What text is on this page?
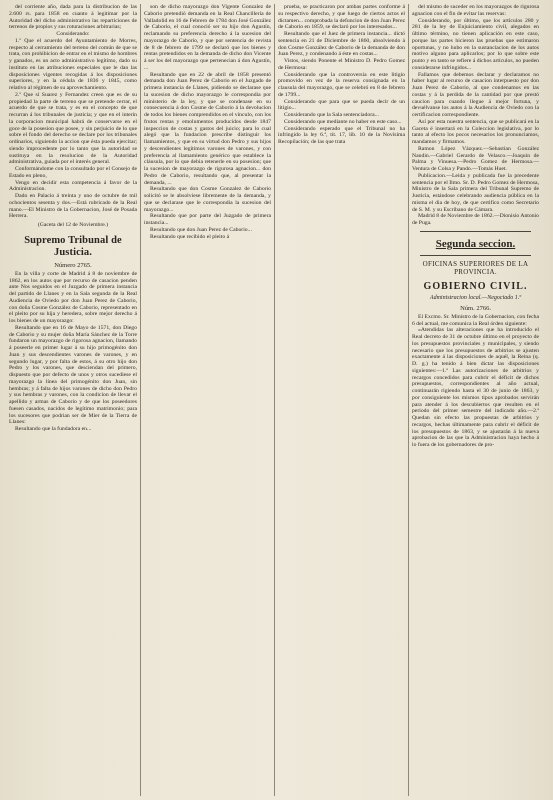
del corriente año, dada para la distribucion de las 2.600 rs. para 1858 en cuanto á legitimar por la Autoridad del dicho administrativo las reparticiones de terrenos de propios y sus roturaciones arbitrarias;

Considerando:

1.º Que el acuerdo del Ayuntamiento de Morres, respecto al cerramiento del terreno del común de que se trata, con prohibicion de entrar en el mismo de hombres y ganados, es un acto administrativo legítimo, dado su instituto en las atribuciones especiales que le dan las disposiciones vigentes recogidas á los disposiciones superiores, y en la cédula de 1836 y 1845, como relativo al régimen de su aprovechamiento.

2.º Que sí Suarez y Fernandez creen que es de su propiedad la parte de terreno que se pretende cerrar, el acuerdo de que se trata, y es en el concepto de que recurran á los tribunales de justicia; y que en el interin la corporacion municipal habrá de conservarse en el goce de la posesion que posee, y sin perjuicio de lo que sobre el fondo del derecho se declare por los tribunales ordinarios, siguiendo la accion que ésta pueda ejercitar; siendo improcedente por lo tanto que la autoridad se sustituya en la resolucion de la Autoridad administrativa, guiada por el interés general.

Conformándome con la consultado por el Consejo de Estado en pleno,

Vengo en decidir esta competencia á favor de la Administracion.

Dado en Palacio á treinta y uno de octubre de mil ochocientos sesenta y dos.—Está rubricado de la Real mano.—El Ministro de la Gobernacion, José de Posada Herrera.

(Gaceta del 12 de Noviembre.)

Supremo Tribunal de Justicia.
Número 2765.

En la villa y corte de Madrid á 8 de noviembre de 1862, en los autos que por recurso de casacion penden ante Nos seguidos en el Juzgado de primera instancia del partido de Llanes y en la Sala segunda de la Real Audiencia de Oviedo por don Juan Perez de Caborio, con doña Cosme González de Caborio, representado en el pleito por su hija y heredera, sobre mejor derecho á los bienes de un mayorazgo:

Resultando que en 16 de Mayo de 1571, don Diego de Caborio y su mujer doña María Sánchez de la Torre fundaron un mayorazgo de rigorosa agnacion, llamando á poseerle en primer lugar á su hijo primogénito don Juan y sus descendientes varones de varones, y en segundo lugar, y por falta de estos, á su otro hijo don Pedro y los varones, que desciendan del primero, dispuesto que por defecto de unos y otros sucediese el mayorazgo la línea del primogénito don Juan, sin hembras; y á falta de hijos varones de dicho don Pedro y sus hembras y varones, con la condicion de llevar el apellido y armas de Caborio y de que los poseedores fuesen casados, nacidos de legítimo matrimonio; para los sucesores que podrian ser de Mier de la Tierra de Llanes:

Resultando que la fundadora en...

son de dicho mayorazgo don Vigente Gonzalez de Caborio pretendió demanda en la Real Chancillería de Valladolid en 16 de Febrero de 1784 don José González de Caborio, el cual conoció ser su hijo don Agustín, reclamando su preferencia derecho á la sucesion del mayorazgo de Caborio, y que por sentencia de revista de 8 de febrero de 1799 se declaró que los bienes y rentas pretendidos en la demanda de dicho don Vicente á ser los del mayorazgo que pertenecian á don Agustín, ...

Resultando que en 22 de abril de 1858 presentó demanda don Juan Perez de Caborio en el Juzgado de primera instancia de Llanes, pidiendo se declarase que la sucesion de dicho mayorazgo le correspondia por ministerio de la ley, y que se condenase en su consecuencia á don Cosme de Caborio á la devolucion de todos los bienes comprendidos en el vínculo, con los frutos rentas y emolumentos producidos desde 1847 inspeccion de costas y gastos del juicio; para lo cual alegó que la fundacion prescribe distinguir los llamamientos, y que en su virtud don Pedro y sus hijos y descendientes legítimos varones de varones, y con preferencia al llamamiento genérico que establece la cláusula, por lo que debia retenerle en su posesion; que la sucesion de mayorazgo de rigurosa agnacion... don Pedro de Caborio, resultando que, al presentar la demanda, ...

Resultando que don Cosme Gonzalez de Caborio solicitó se le absolviese libremente de la demanda, y que se declarase que le correspondia la sucesion del mayorazgo...

Resultando que por parte del Juzgado de primera instancia...

Resultando que don Juan Perez de Caborio...

Resultando que recibido el pleito á

prueba, se practicaron por ambas partes conforme á su respectivo derecho, y que luego de ciertos actos el dictamen... comprobada la defuncion de don Juan Perez de Caborio en 1859, se declaró por los interesados...

Resultando que el Juez de primera instancia... dictó sentencia en 21 de Diciembre de 1860, absolviendo á don Cosme González de Caborio de la demanda de don Juan Perez, y condenando á éste en costas...

Vistos, siendo Ponente el Ministro D. Pedro Gomez de Hermosa:

Considerando que la controversia en este litigio promovido en vez de la reserva consignada en la clausula del mayorazgo, que se celebró en 8 de febrero de 1799...

Considerando que para que se pueda decir de un litigio...

Considerando que la Sala sentenciadora...

Considerando que mediante no haber en este caso...

Considerando esperado que el Tribunal no ha infringido la ley 6.ª, tít. 17, lib. 10 de la Novísima Recopilación; de las que trata

del mismo de suceder en los mayorazgos de rigurosa agnacion con el fin de evitar las reservas:

Considerando, por último, que los artículos 280 y 281 de la ley de Enjuiciamiento civil, alegados en último término, no tienen aplicación en este caso, porque las partes hicieron las pruebas que estimaron oportunas, y no hubo en la sustanciacion de los autos motivo alguno para aplicarlos; por lo que sobre este punto y en tanto se refiere á dichos artículos, no pueden considerarse infringidos...

Fallamos que debemos declarar y declaramos no haber lugar al recurso de casacion interpuesto por don Juan Perez de Caborio, al que condenamos en las costas y á la perdida de la cantidad por que prestó caucion para cuando llegue á mejor fortuna, y devuélvanse los autos á la Audiencia de Oviedo con la certificacion correspondiente.

Así por esta nuestra sentencia, que se publicará en la Gaceta é insertará en la Coleccion legislativa, por lo tanto al efecto los pocos necesarios los pronunciamos, mandamos y firmamos.

Ramon López Vázquez.—Sebastian González Nandin.—Gabriel Gerardo de Velasco.—Joaquin de Palma y Vinuesa.—Pedro Gomez de Hermosa.—Ventura de Colsa y Pando.—Tomás Huet.

Publicacion.—Leida y publicada fue la precedente sentencia por el Ilmo. Sr. D. Pedro Gomez de Hermosa, Ministro de la Sala primera del Tribunal Supremo de Justicia, estándose celebrando audiencia pública en la misma el dia de hoy, de que certifico como Secretario de S. M. y su Escribano de Cámara.

Madrid 8 de Noviembre de 1862.—Dionisio Antonio de Puga.

Segunda seccion.
OFICINAS SUPERIORES DE LA PROVINCIA.
GOBIERNO CIVIL.
Administracion local.—Negociado 1.º
Núm. 2766.

El Excmo. Sr. Ministro de la Gobernacion, con fecha 6 del actual, me comunica la Real órden siguiente:

«Atendidas las alteraciones que ha introducido el Real decreto de 31 de octubre último en el proyecto de los presupuestos provinciales y municipales, y siendo necesario que los presupuestos de arbitrios se ajusten exactamente á las disposiciones de aquél, la Reina (q. D. g.) ha tenido á bien dictar las disposiciones siguientes:—1.ª Las autorizaciones de arbitrios y recargos concedidos para cubrir el déficit de dichos presupuestos, correspondientes al año actual, continuarán rigiendo hasta el 30 de junio de 1863, y por consiguiente los mismos tipos aprobados servirán para atender á los descubiertos que resulten en el periodo del primer semestre del indicado año.—2.ª Quedan sin efecto las propuestas de arbitrios y recargos, hechas últimamente para cubrir el déficit de los presupuestos de 1863, y se ajustarán á la nueva aprobacion de las que la Administracion haya hecho á lo fuera de los gobernadores de pro-
